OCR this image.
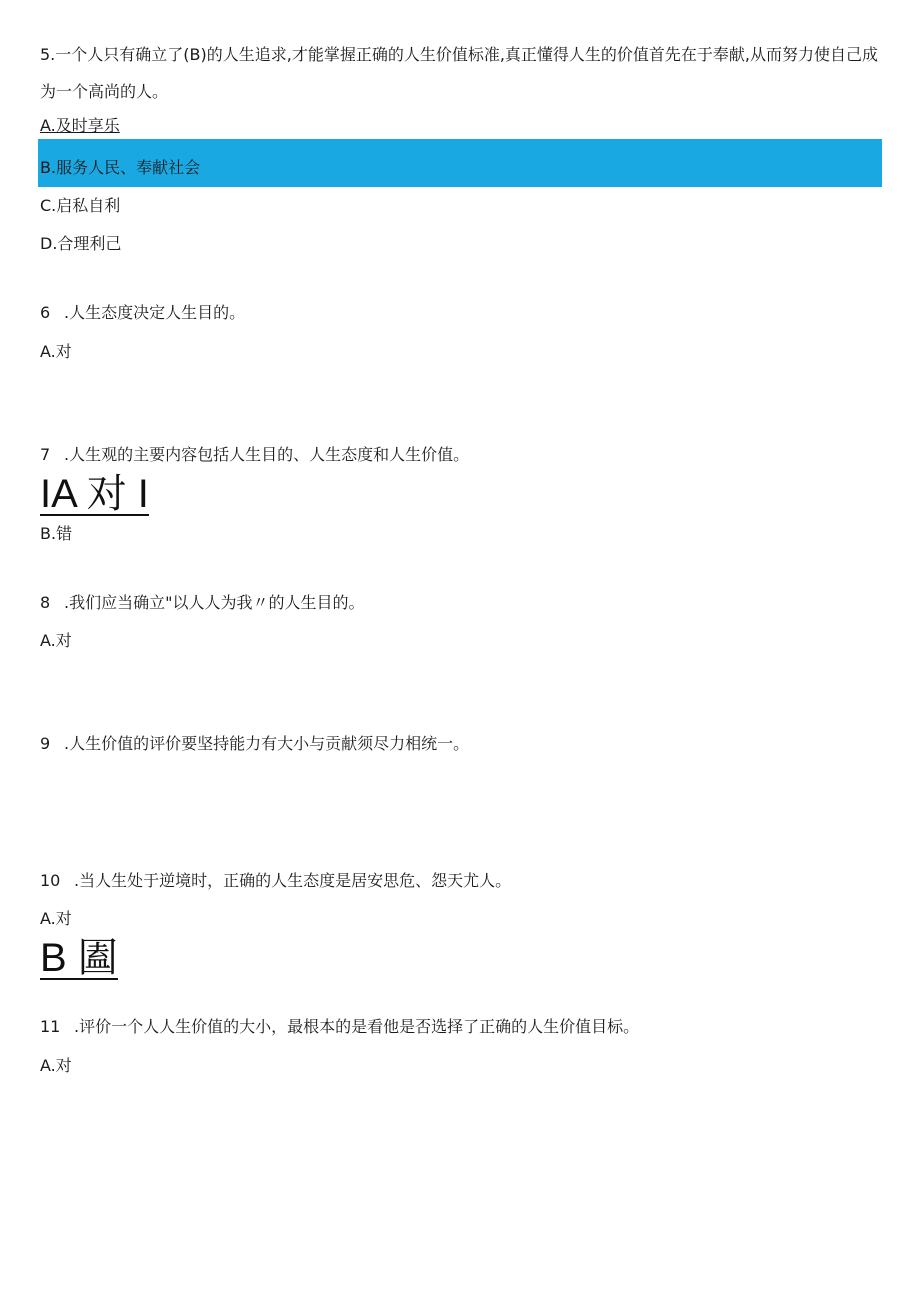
5.一个人只有确立了(B)的人生追求,才能掌握正确的人生价值标准,真正懂得人生的价值首先在于奉献,从而努力使自己成为一个高尚的人。
A.及时享乐
B.服务人民、奉献社会
C.启私自利
D.合理利己
6 .人生态度决定人生目的。
A.对
7 .人生观的主要内容包括人生目的、人生态度和人生价值。
IA 对 I
B.错
8 .我们应当确立"以人人为我〃的人生目的。
A.对
9 .人生价值的评价要坚持能力有大小与贡献须尽力相统一。
10 .当人生处于逆境时，正确的人生态度是居安思危、怨天尤人。
A.对
B 圔
11 .评价一个人人生价值的大小，最根本的是看他是否选择了正确的人生价值目标。
A.对
